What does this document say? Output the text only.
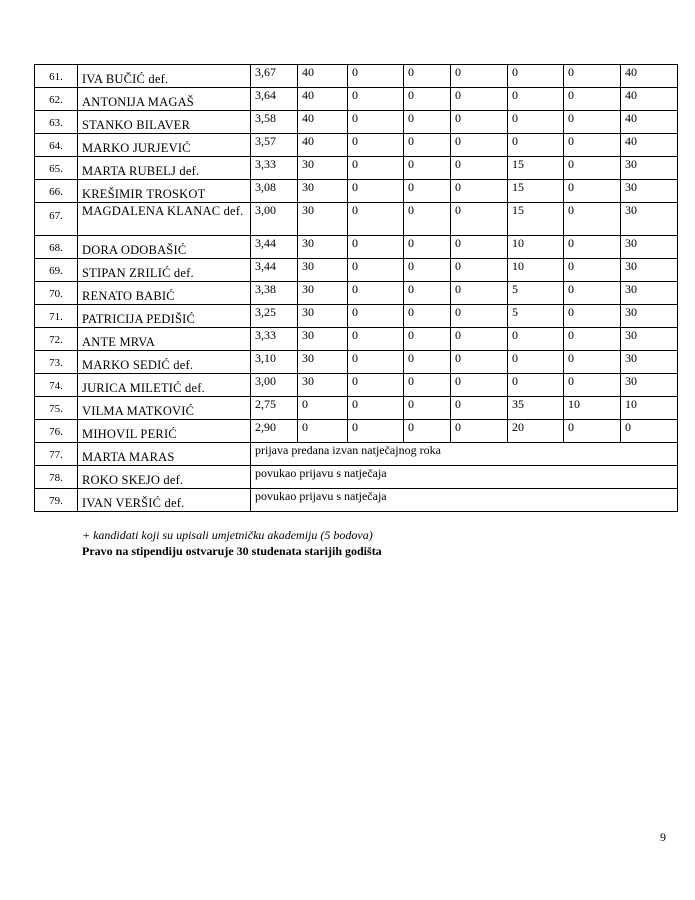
61.	IVA BUČIĆ def.	3,67	40	0	0	0	0	0	40
62.	ANTONIJA MAGAŠ	3,64	40	0	0	0	0	0	40
63.	STANKO BILAVER	3,58	40	0	0	0	0	0	40
64.	MARKO JURJEVIĆ	3,57	40	0	0	0	0	0	40
65.	MARTA RUBELJ def.	3,33	30	0	0	0	15	0	30
66.	KREŠIMIR TROSKOT	3,08	30	0	0	0	15	0	30
67.	MAGDALENA KLANAC def.	3,00	30	0	0	0	15	0	30
68.	DORA ODOBAŠIĆ	3,44	30	0	0	0	10	0	30
69.	STIPAN ZRILIĆ def.	3,44	30	0	0	0	10	0	30
70.	RENATO BABIĆ	3,38	30	0	0	0	5	0	30
71.	PATRICIJA PEDIŠIĆ	3,25	30	0	0	0	5	0	30
72.	ANTE MRVA	3,33	30	0	0	0	0	0	30
73.	MARKO SEDIĆ def.	3,10	30	0	0	0	0	0	30
74.	JURICA MILETIĆ def.	3,00	30	0	0	0	0	0	30
75.	VILMA MATKOVIĆ	2,75	0	0	0	0	35	10	10
76.	MIHOVIL PERIĆ	2,90	0	0	0	0	20	0	0
77.	MARTA MARAS	prijava predana izvan natječajnog roka							
78.	ROKO SKEJO def.	povukao prijavu s natječaja							
79.	IVAN VERŠIĆ def.	povukao prijavu s natječaja							
+ kandidati koji su upisali umjetničku akademiju (5 bodova)
Pravo na stipendiju ostvaruje 30 studenata starijih godišta
9
